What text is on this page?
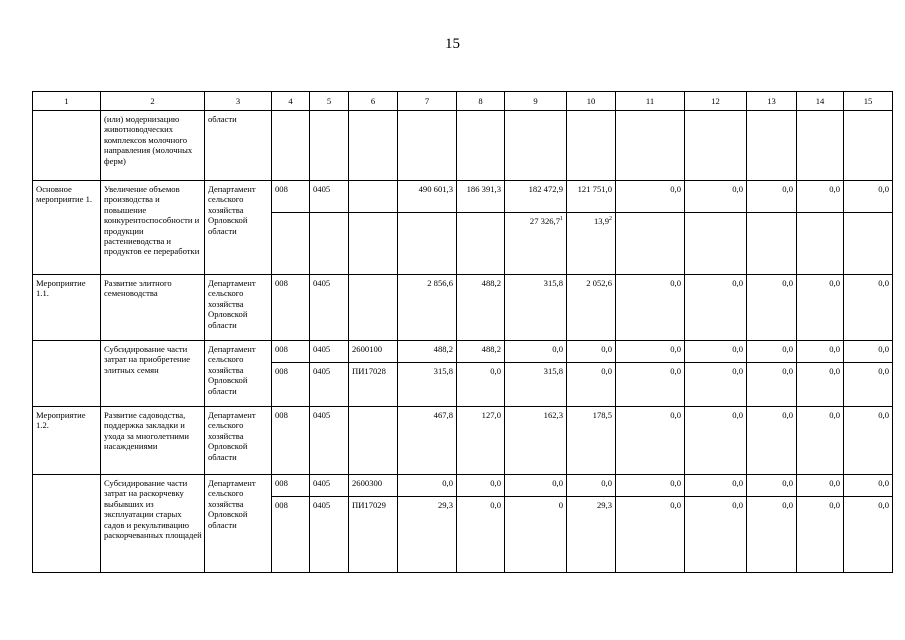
15
1	2	3	4	5	6	7	8	9	10	11	12	13	14	15
	(или) модернизацию животноводческих комплексов молочного направления (молочных ферм)	области												
Основное мероприятие 1.	Увеличение объемов производства и повышение конкурентоспособности и продукции растениеводства и продуктов ее переработки	Департамент сельского хозяйства Орловской области	008	0405		490 601,3	186 391,3	182 472,9	121 751,0	0,0	0,0	0,0	0,0	0,0
								27 326,7$^1$	13,9$^2$					
Мероприятие 1.1.	Развитие элитного семеноводства	Департамент сельского хозяйства Орловской области	008	0405		2 856,6	488,2	315,8	2 052,6	0,0	0,0	0,0	0,0	0,0
	Субсидирование части затрат на приобретение элитных семян	Департамент сельского хозяйства Орловской области	008	0405	2600100	488,2	488,2	0,0	0,0	0,0	0,0	0,0	0,0	0,0
			008	0405	ПИ17028	315,8	0,0	315,8	0,0	0,0	0,0	0,0	0,0	0,0
Мероприятие 1.2.	Развитие садоводства, поддержка закладки и ухода за многолетними насаждениями	Департамент сельского хозяйства Орловской области	008	0405		467,8	127,0	162,3	178,5	0,0	0,0	0,0	0,0	0,0
	Субсидирование части затрат на раскорчевку выбывших из эксплуатации старых садов и рекультивацию раскорчеванных площадей	Департамент сельского хозяйства Орловской области	008	0405	2600300	0,0	0,0	0,0	0,0	0,0	0,0	0,0	0,0	0,0
			008	0405	ПИ17029	29,3	0,0	0	29,3	0,0	0,0	0,0	0,0	0,0
